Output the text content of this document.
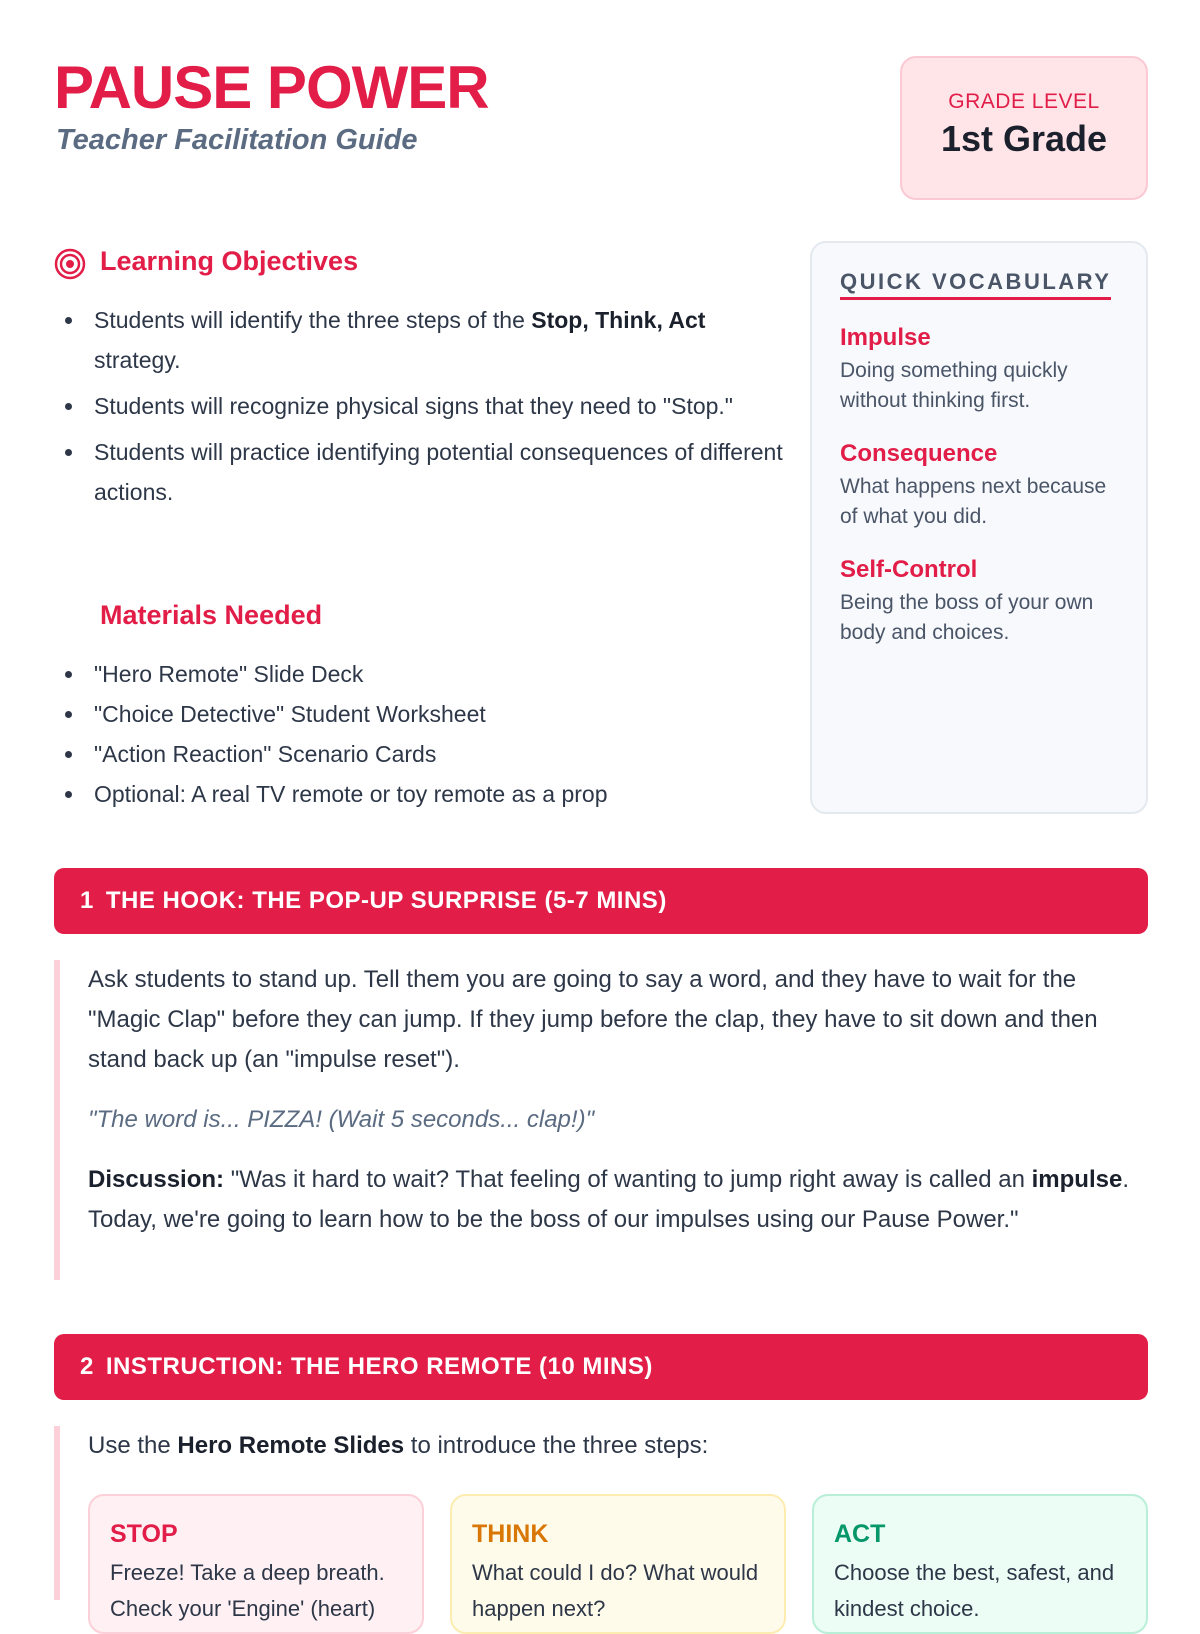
PAUSE POWER
Teacher Facilitation Guide
GRADE LEVEL
1st Grade
Learning Objectives
Students will identify the three steps of the Stop, Think, Act strategy.
Students will recognize physical signs that they need to "Stop."
Students will practice identifying potential consequences of different actions.
Materials Needed
"Hero Remote" Slide Deck
"Choice Detective" Student Worksheet
"Action Reaction" Scenario Cards
Optional: A real TV remote or toy remote as a prop
QUICK VOCABULARY
Impulse
Doing something quickly without thinking first.
Consequence
What happens next because of what you did.
Self-Control
Being the boss of your own body and choices.
1 THE HOOK: THE POP-UP SURPRISE (5-7 MINS)

Ask students to stand up. Tell them you are going to say a word, and they have to wait for the "Magic Clap" before they can jump. If they jump before the clap, they have to sit down and then stand back up (an "impulse reset").

"The word is... PIZZA! (Wait 5 seconds... clap!)"

Discussion: "Was it hard to wait? That feeling of wanting to jump right away is called an impulse. Today, we're going to learn how to be the boss of our impulses using our Pause Power."

2 INSTRUCTION: THE HERO REMOTE (10 MINS)

Use the Hero Remote Slides to introduce the three steps:

STOP
Freeze! Take a deep breath. Check your 'Engine' (heart)
THINK
What could I do? What would happen next?
ACT
Choose the best, safest, and kindest choice.
